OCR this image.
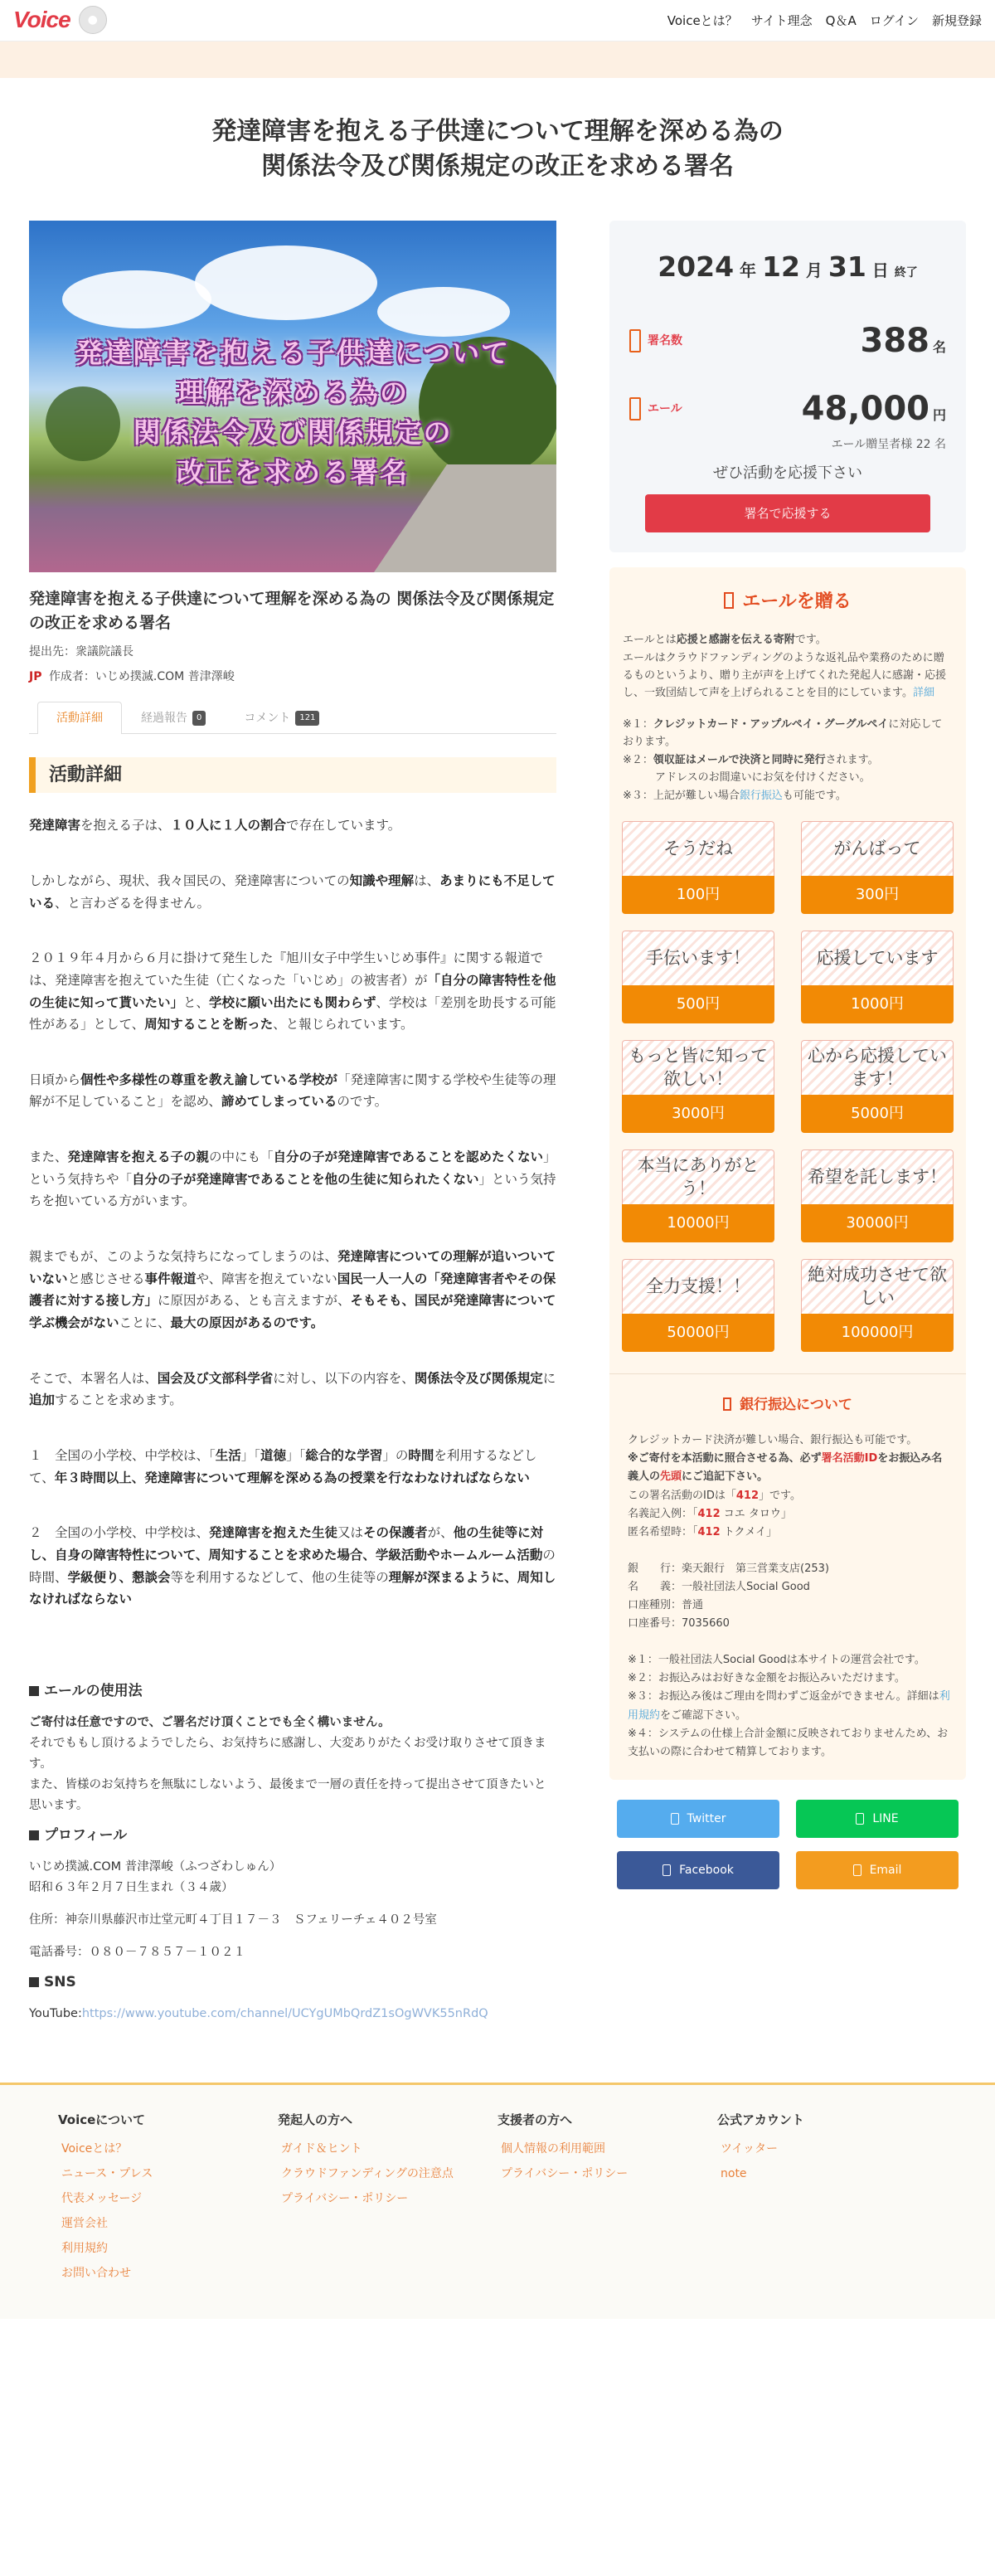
Voice	●	Voiceとは？ サイト理念 Q＆A ログイン 新規登録
発達障害を抱える子供達について理解を深める為の
関係法令及び関係規定の改正を求める署名
発達障害を抱える子供達について
理解を深める為の
関係法令及び関係規定の
改正を求める署名
発達障害を抱える子供達について理解を深める為の 関係法令及び関係規定の改正を求める署名
提出先：衆議院議長
JP 作成者：いじめ撲滅.COM 普津澤峻
活動詳細	経過報告	0	コメント	121
活動詳細

発達障害を抱える子は、１０人に１人の割合で存在しています。

しかしながら、現状、我々国民の、発達障害についての知識や理解は、あまりにも不足している、と言わざるを得ません。

２０１９年４月から６月に掛けて発生した『旭川女子中学生いじめ事件』に関する報道では、発達障害を抱えていた生徒（亡くなった「いじめ」の被害者）が「自分の障害特性を他の生徒に知って貰いたい」と、学校に願い出たにも関わらず、学校は「差別を助長する可能性がある」として、周知することを断った、と報じられています。

日頃から個性や多様性の尊重を教え諭している学校が「発達障害に関する学校や生徒等の理解が不足していること」を認め、諦めてしまっているのです。

また、発達障害を抱える子の親の中にも「自分の子が発達障害であることを認めたくない」という気持ちや「自分の子が発達障害であることを他の生徒に知られたくない」という気持ちを抱いている方がいます。

親までもが、このような気持ちになってしまうのは、発達障害についての理解が追いついていないと感じさせる事件報道や、障害を抱えていない国民一人一人の「発達障害者やその保護者に対する接し方」に原因がある、とも言えますが、そもそも、国民が発達障害について学ぶ機会がないことに、最大の原因があるのです。

そこで、本署名人は、国会及び文部科学省に対し、以下の内容を、関係法令及び関係規定に追加することを求めます。

１　全国の小学校、中学校は、「生活」「道徳」「総合的な学習」の時間を利用するなどして、年３時間以上、発達障害について理解を深める為の授業を行なわなければならない

２　全国の小学校、中学校は、発達障害を抱えた生徒又はその保護者が、他の生徒等に対し、自身の障害特性について、周知することを求めた場合、学級活動やホームルーム活動の時間、学級便り、懇談会等を利用するなどして、他の生徒等の理解が深まるように、周知しなければならない

エールの使用法
ご寄付は任意ですので、ご署名だけ頂くことでも全く構いません。
それでももし頂けるようでしたら、お気持ちに感謝し、大変ありがたくお受け取りさせて頂きます。
また、皆様のお気持ちを無駄にしないよう、最後まで一層の責任を持って提出させて頂きたいと思います。
プロフィール
いじめ撲滅.COM 普津澤峻（ふつざわしゅん）
昭和６３年２月７日生まれ（３４歳）
住所：神奈川県藤沢市辻堂元町４丁目１７－３　Ｓフェリーチェ４０２号室
電話番号：０８０－７８５７－１０２１
SNS
YouTube:https://www.youtube.com/channel/UCYgUMbQrdZ1sOgWVK55nRdQ
2024 年 12 月 31 日 終了
署名数	388 名
エール	48,000 円
エール贈呈者様 22 名
ぜひ活動を応援下さい
署名で応援する
エールを贈る
エールとは応援と感謝を伝える寄附です。
エールはクラウドファンディングのような返礼品や業務のために贈るものというより、贈り主が声を上げてくれた発起人に感謝・応援し、一致団結して声を上げられることを目的にしています。詳細
※１：クレジットカード・アップルペイ・グーグルペイに対応しております。
※２：領収証はメールで決済と同時に発行されます。
アドレスのお間違いにお気を付けください。
※３：上記が難しい場合銀行振込も可能です。
そうだね
100円
がんばって
300円
手伝います！
500円
応援しています
1000円
もっと皆に知って欲しい！
3000円
心から応援しています！
5000円
本当にありがとう！
10000円
希望を託します！
30000円
全力支援！！
50000円
絶対成功させて欲しい
100000円
銀行振込について
クレジットカード決済が難しい場合、銀行振込も可能です。
※ご寄付を本活動に照合させる為、必ず署名活動IDをお振込み名義人の先頭にご追記下さい。
この署名活動のIDは「412」です。
名義記入例：「412 コエ タロウ」
匿名希望時：「412 トクメイ」
銀　　行：楽天銀行　第三営業支店(253)
名　　義：一般社団法人Social Good
口座種別：普通
口座番号：7035660
※１：一般社団法人Social Goodは本サイトの運営会社です。
※２：お振込みはお好きな金額をお振込みいただけます。
※３：お振込み後はご理由を問わずご返金ができません。詳細は利用規約をご確認下さい。
※４：システムの仕様上合計金額に反映されておりませんため、お支払いの際に合わせて精算しております。
Twitter	LINE
Facebook	Email
Voiceについて
Voiceとは？
ニュース・プレス
代表メッセージ
運営会社
利用規約
お問い合わせ
発起人の方へ
ガイド＆ヒント
クラウドファンディングの注意点
プライバシー・ポリシー
支援者の方へ
個人情報の利用範囲
プライバシー・ポリシー
公式アカウント
ツイッター
note
